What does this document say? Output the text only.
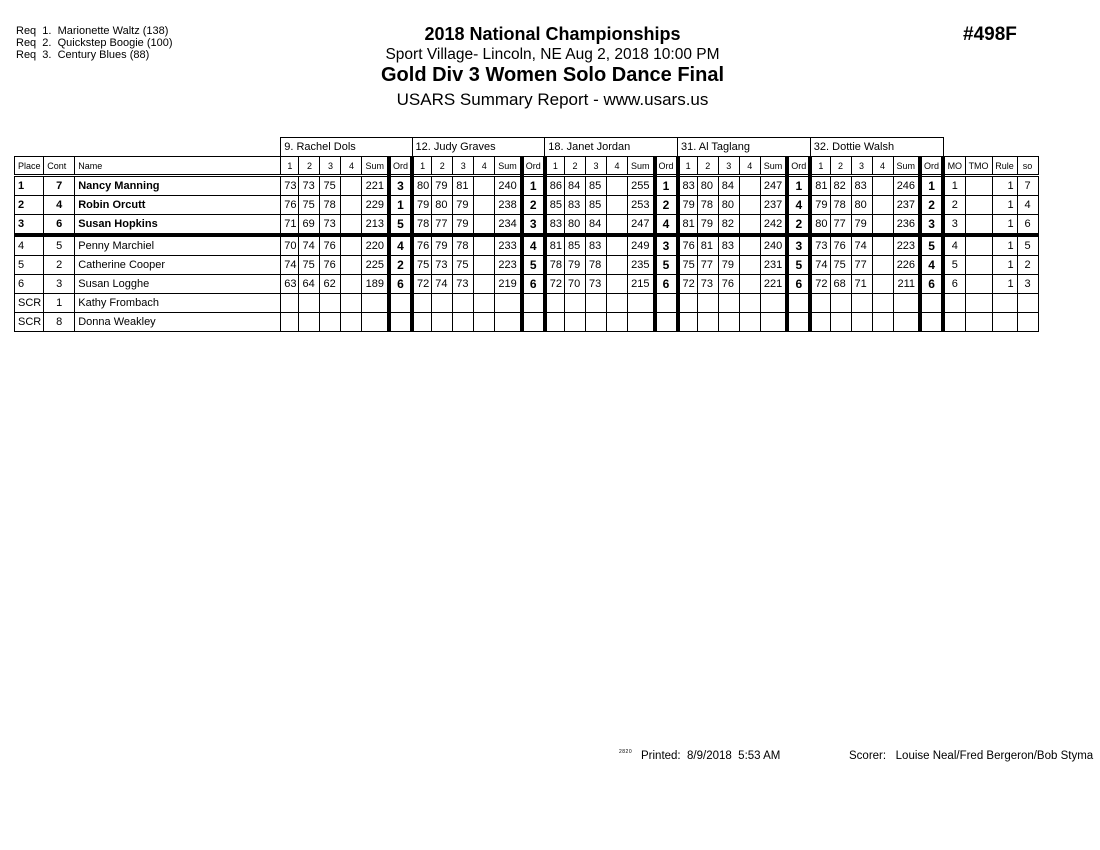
Req  1.  Marionette Waltz (138)
Req  2.  Quickstep Boogie (100)
Req  3.  Century Blues (88)
2018 National Championships
Sport Village- Lincoln, NE Aug 2, 2018 10:00 PM
Gold Div 3 Women Solo Dance Final
USARS Summary Report - www.usars.us
#498F
			9. Rachel Dols						12. Judy Graves						18. Janet Jordan						31. Al Taglang						32. Dottie Walsh									
Place	Cont	Name	1	2	3	4	Sum	Ord	1	2	3	4	Sum	Ord	1	2	3	4	Sum	Ord	1	2	3	4	Sum	Ord	1	2	3	4	Sum	Ord	MO	TMO	Rule	so
1	7	Nancy Manning	73	73	75		221	3	80	79	81		240	1	86	84	85		255	1	83	80	84		247	1	81	82	83		246	1	1		1	7
2	4	Robin Orcutt	76	75	78		229	1	79	80	79		238	2	85	83	85		253	2	79	78	80		237	4	79	78	80		237	2	2		1	4
3	6	Susan Hopkins	71	69	73		213	5	78	77	79		234	3	83	80	84		247	4	81	79	82		242	2	80	77	79		236	3	3		1	6
4	5	Penny Marchiel	70	74	76		220	4	76	79	78		233	4	81	85	83		249	3	76	81	83		240	3	73	76	74		223	5	4		1	5
5	2	Catherine Cooper	74	75	76		225	2	75	73	75		223	5	78	79	78		235	5	75	77	79		231	5	74	75	77		226	4	5		1	2
6	3	Susan Logghe	63	64	62		189	6	72	74	73		219	6	72	70	73		215	6	72	73	76		221	6	72	68	71		211	6	6		1	3
SCR	1	Kathy Frombach																																		
SCR	8	Donna Weakley																																		
2820 Printed:  8/9/2018  5:53 AM	Scorer:   Louise Neal/Fred Bergeron/Bob Styma
